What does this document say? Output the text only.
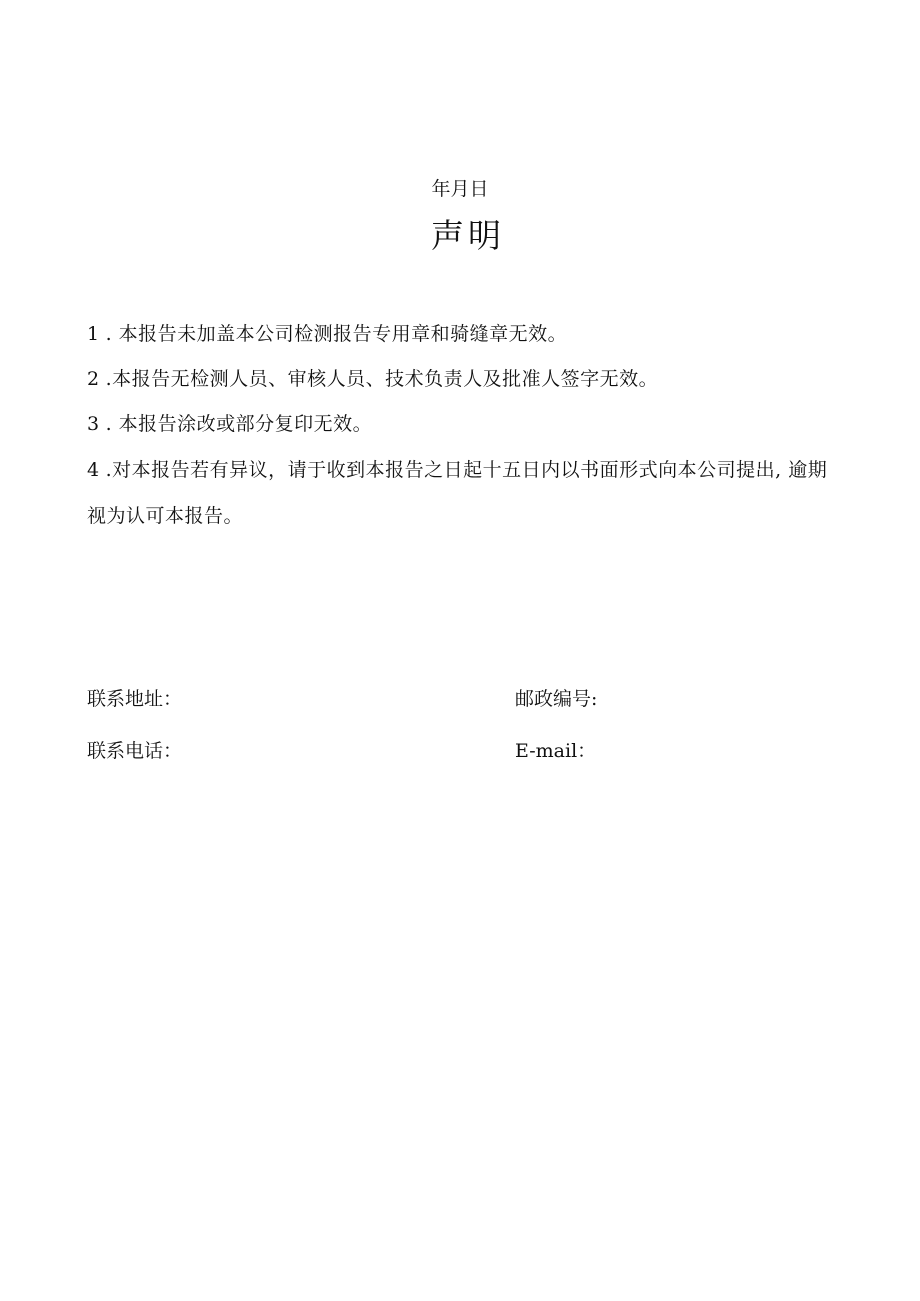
年月日
声明
1 . 本报告未加盖本公司检测报告专用章和骑缝章无效。
2 .本报告无检测人员、审核人员、技术负责人及批准人签字无效。
3 . 本报告涂改或部分复印无效。
4 .对本报告若有异议，请于收到本报告之日起十五日内以书面形式向本公司提出, 逾期视为认可本报告。
联系地址：	邮政编号:
联系电话：	E-mail：
